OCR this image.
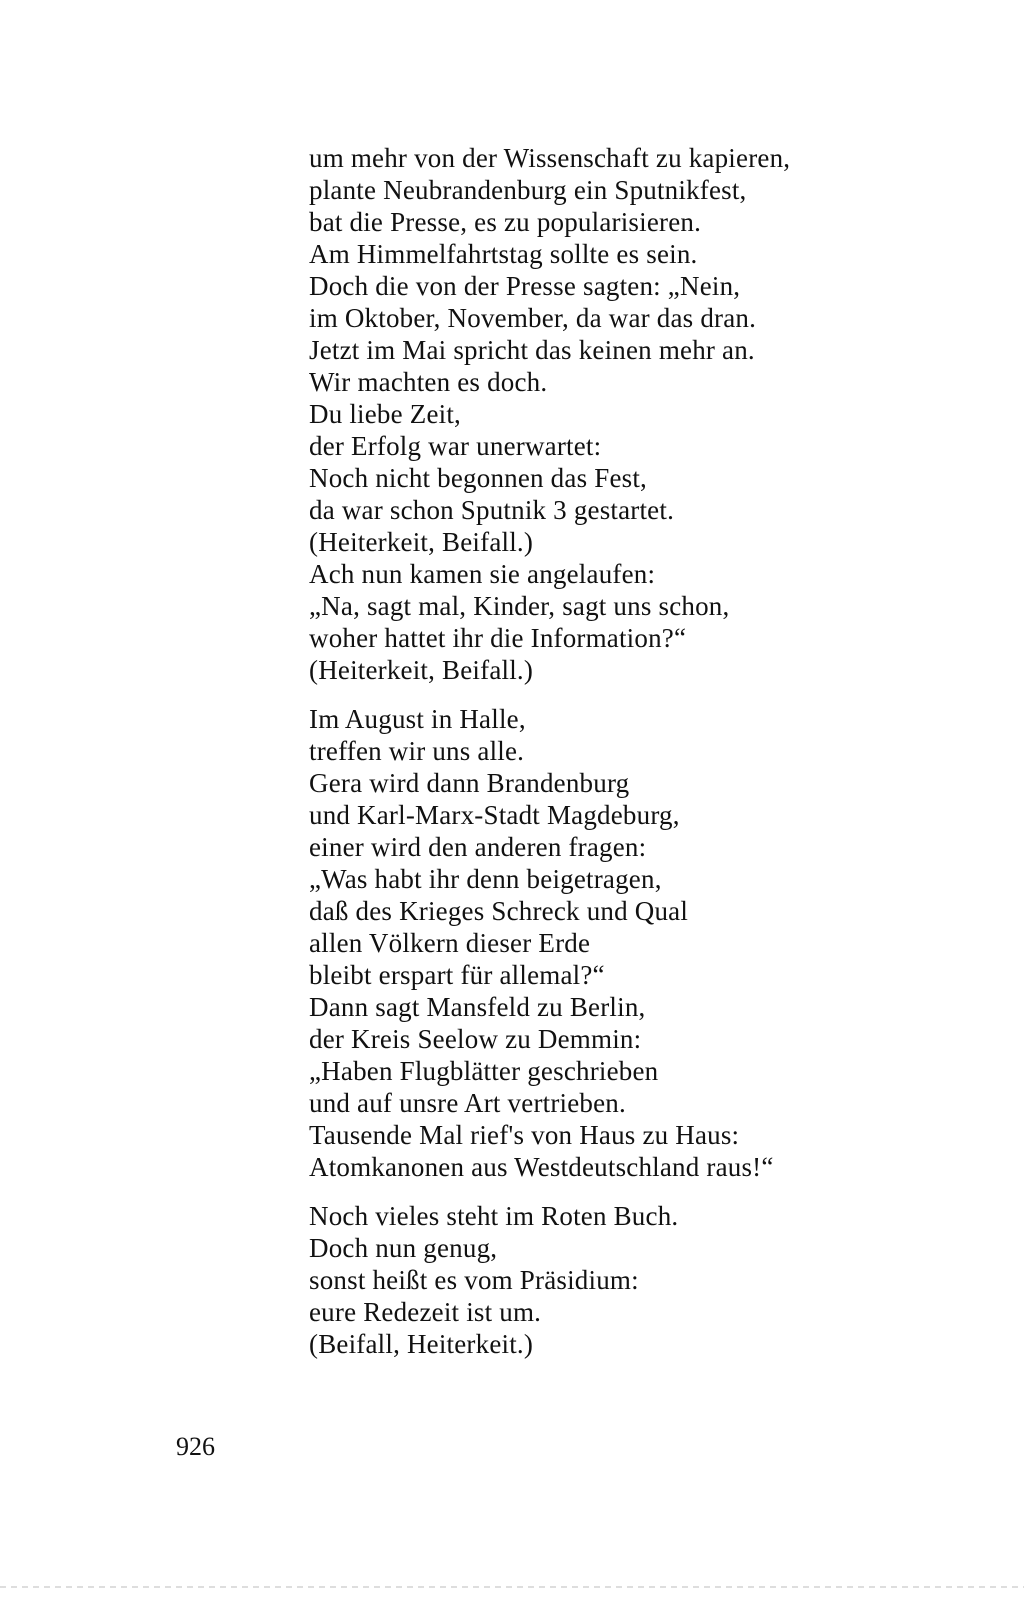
um mehr von der Wissenschaft zu kapieren,
plante Neubrandenburg ein Sputnikfest,
bat die Presse, es zu popularisieren.
Am Himmelfahrtstag sollte es sein.
Doch die von der Presse sagten: „Nein,
im Oktober, November, da war das dran.
Jetzt im Mai spricht das keinen mehr an.
Wir machten es doch.
Du liebe Zeit,
der Erfolg war unerwartet:
Noch nicht begonnen das Fest,
da war schon Sputnik 3 gestartet.
(Heiterkeit, Beifall.)
Ach nun kamen sie angelaufen:
„Na, sagt mal, Kinder, sagt uns schon,
woher hattet ihr die Information?“
(Heiterkeit, Beifall.)
Im August in Halle,
treffen wir uns alle.
Gera wird dann Brandenburg
und Karl-Marx-Stadt Magdeburg,
einer wird den anderen fragen:
„Was habt ihr denn beigetragen,
daß des Krieges Schreck und Qual
allen Völkern dieser Erde
bleibt erspart für allemal?“
Dann sagt Mansfeld zu Berlin,
der Kreis Seelow zu Demmin:
„Haben Flugblätter geschrieben
und auf unsre Art vertrieben.
Tausende Mal rief's von Haus zu Haus:
Atomkanonen aus Westdeutschland raus!“
Noch vieles steht im Roten Buch.
Doch nun genug,
sonst heißt es vom Präsidium:
eure Redezeit ist um.
(Beifall, Heiterkeit.)
926
